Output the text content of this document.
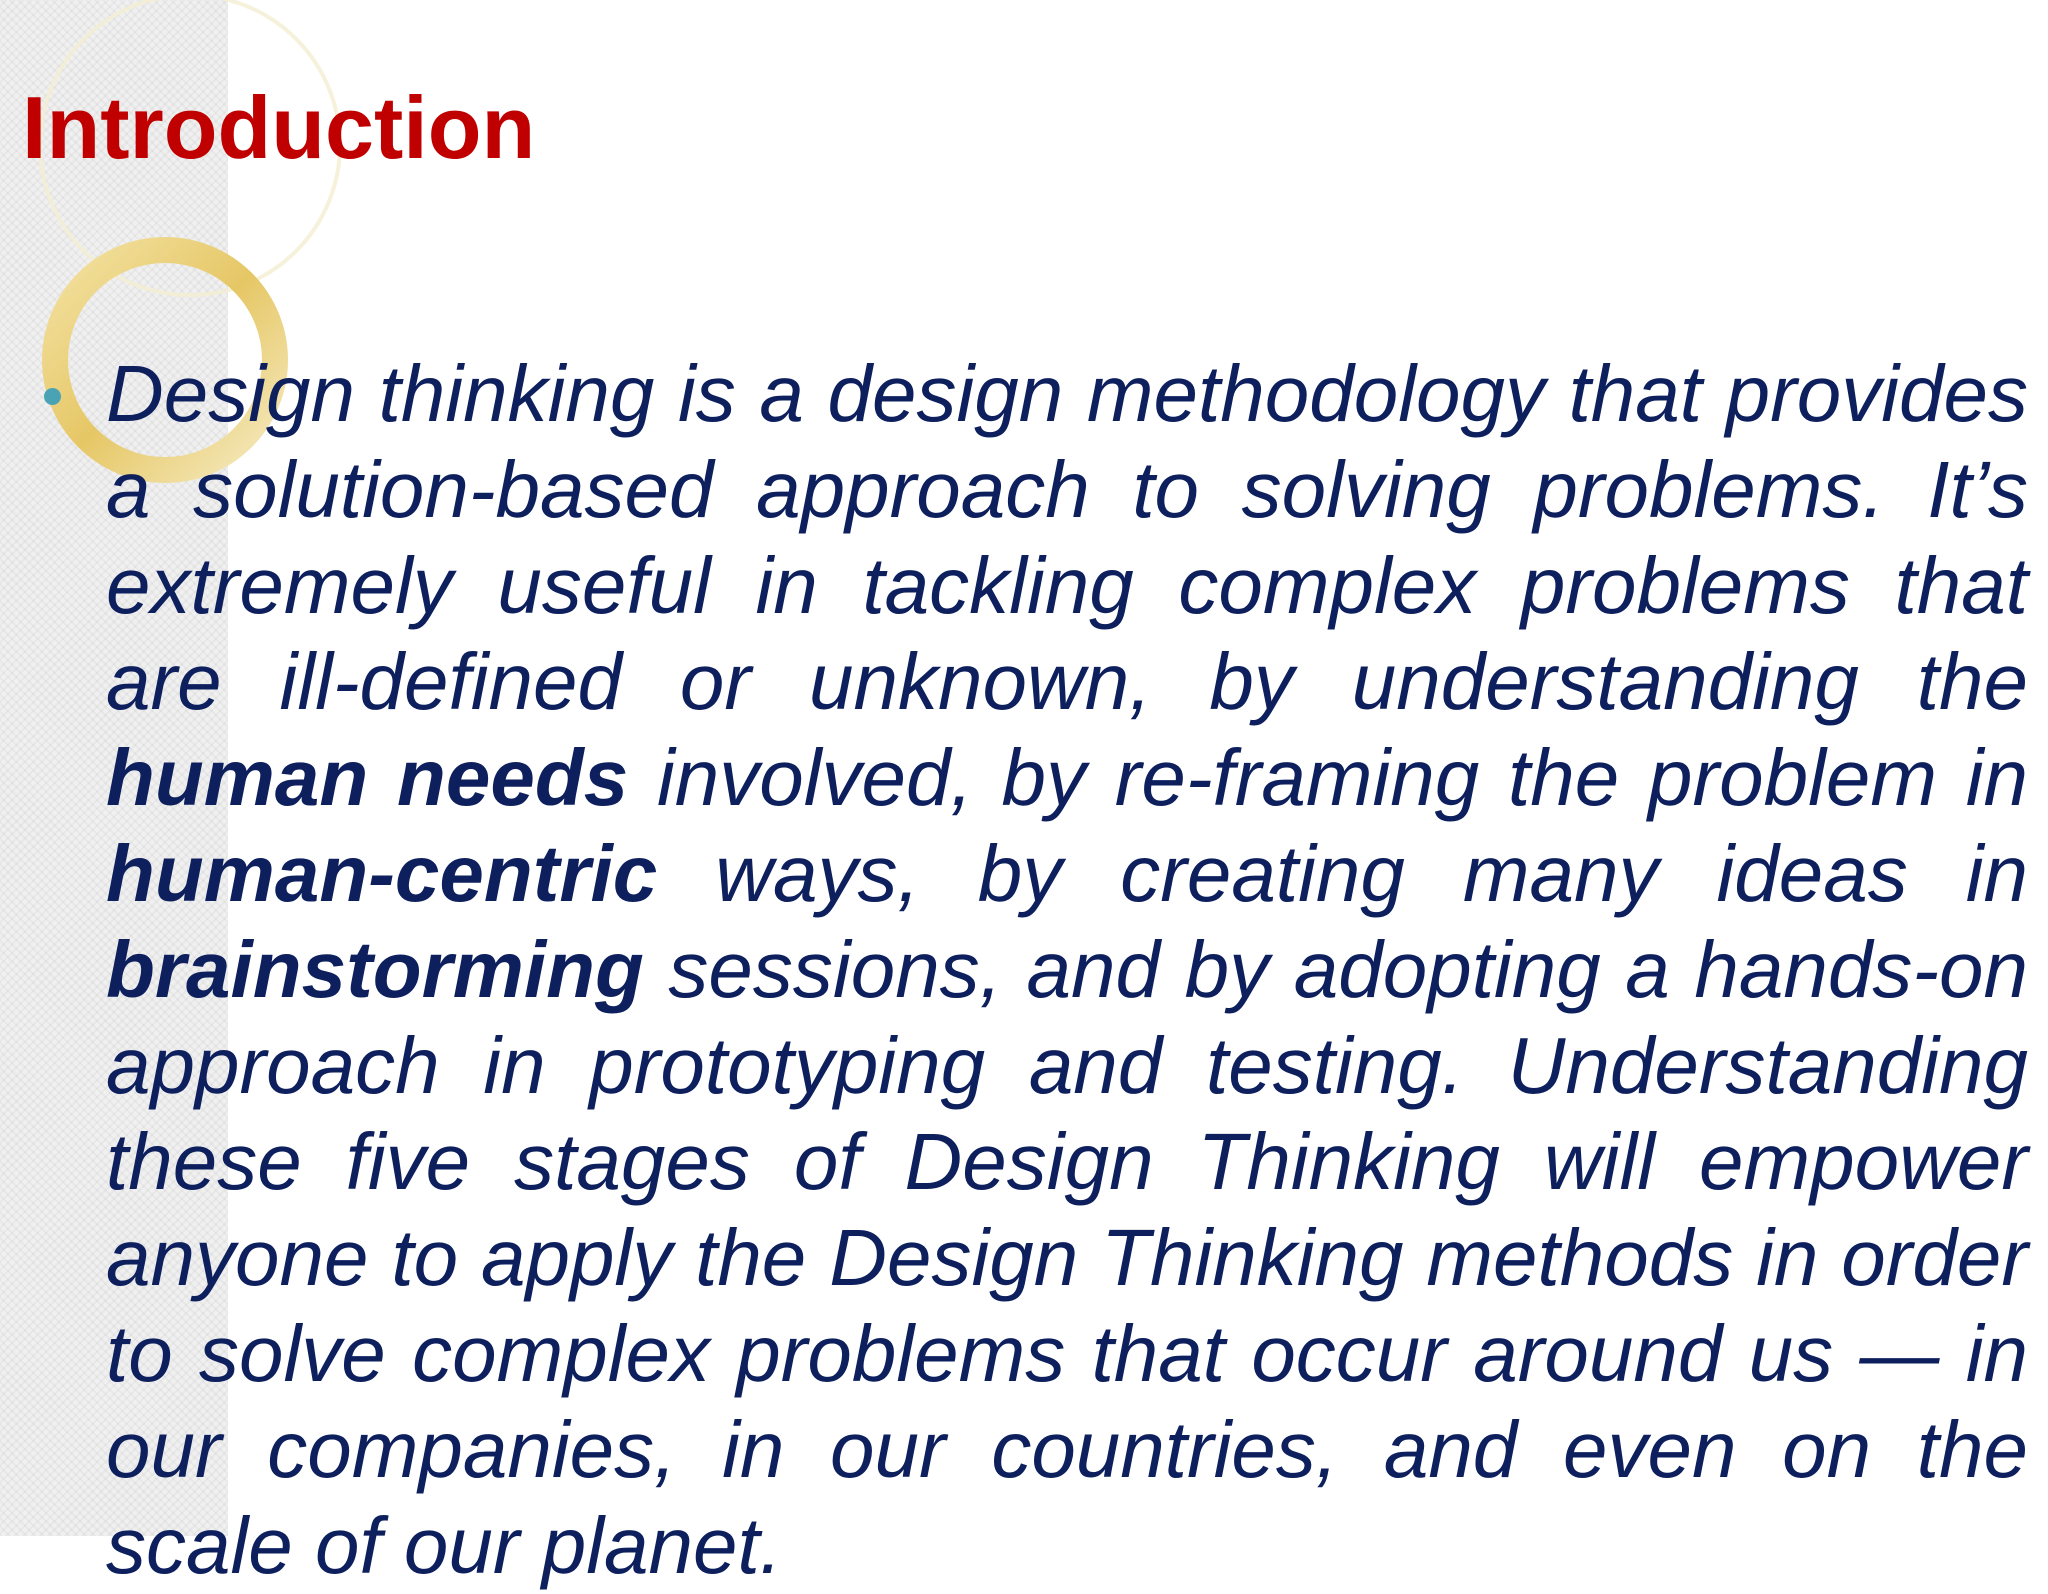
Introduction

Design thinking is a design methodology that provides a solution-based approach to solving problems. It’s extremely useful in tackling complex problems that are ill-defined or unknown, by understanding the human needs involved, by re-framing the problem in human-centric ways, by creating many ideas in brainstorming sessions, and by adopting a hands-on approach in prototyping and testing. Understanding these five stages of Design Thinking will empower anyone to apply the Design Thinking methods in order to solve complex problems that occur around us — in our companies, in our countries, and even on the scale of our planet.
